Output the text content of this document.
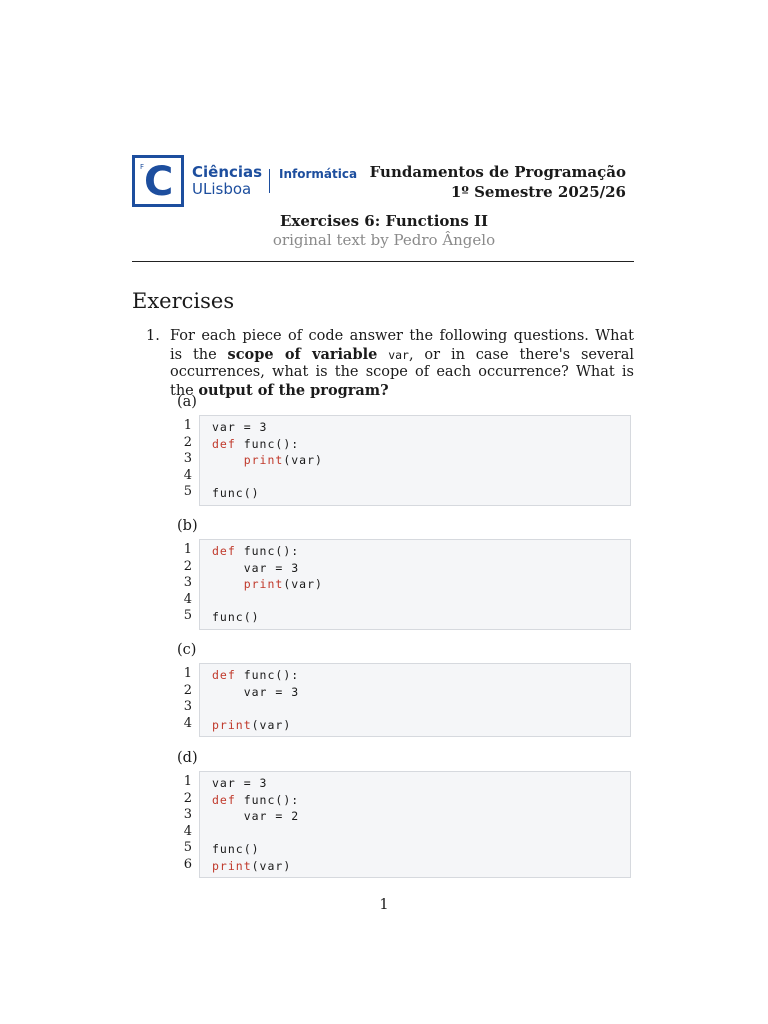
F C Ciências
ULisboa
Informática Fundamentos de Programação
1º Semestre 2025/26
Exercises 6: Functions II
original text by Pedro Ângelo
Exercises
1. For each piece of code answer the following questions. What is the scope of variable var, or in case there's several occurrences, what is the scope of each occurrence? What is the output of the program?
(a)
var = 3
def func():
print(var)
func()
(b)
def func():
var = 3
print(var)
func()
(c)
def func():
var = 3
print(var)
(d)
var = 3
def func():
var = 2
func()
print(var)
1
2
3
4
5
1
2
3
4
5
1
2
3
4
1
2
3
4
5
6
1
